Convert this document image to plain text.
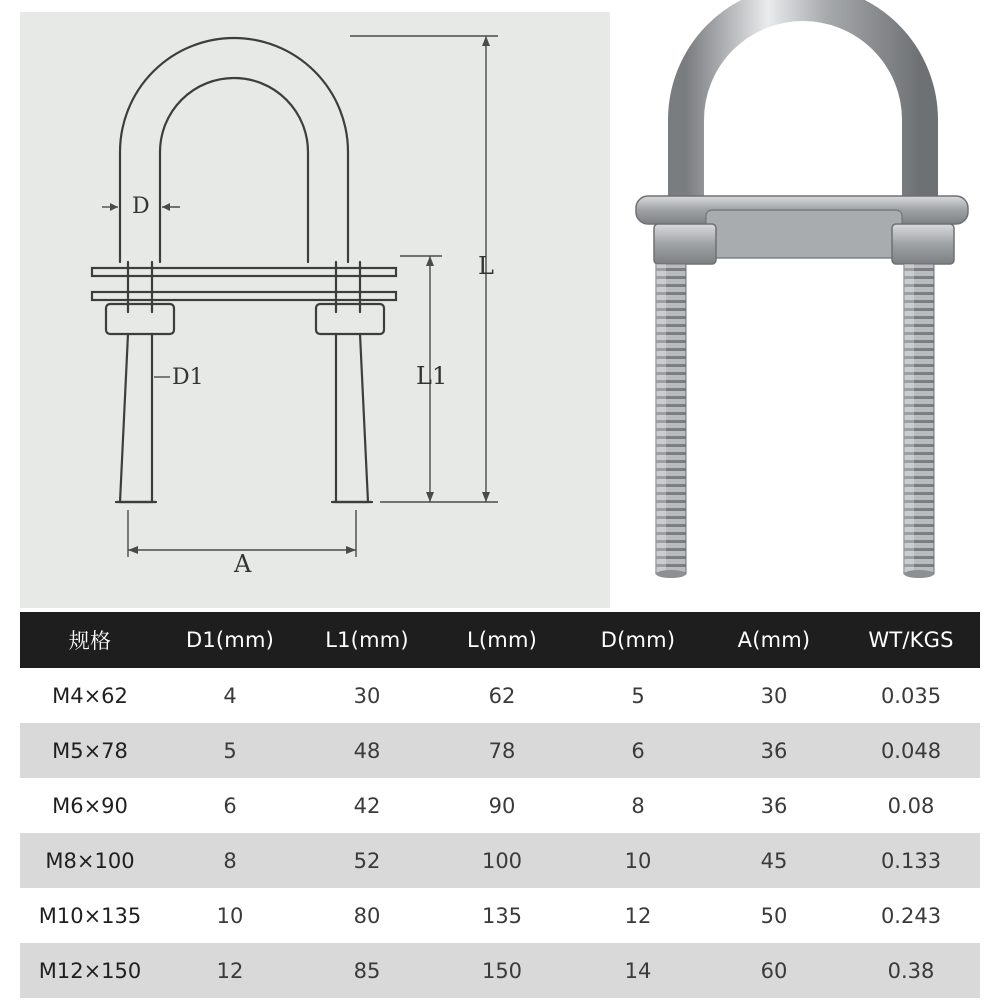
D
D1
L
L1
A
规格	D1(mm)	L1(mm)	L(mm)	D(mm)	A(mm)	WT/KGS
M4×62	4	30	62	5	30	0.035
M5×78	5	48	78	6	36	0.048
M6×90	6	42	90	8	36	0.08
M8×100	8	52	100	10	45	0.133
M10×135	10	80	135	12	50	0.243
M12×150	12	85	150	14	60	0.38
